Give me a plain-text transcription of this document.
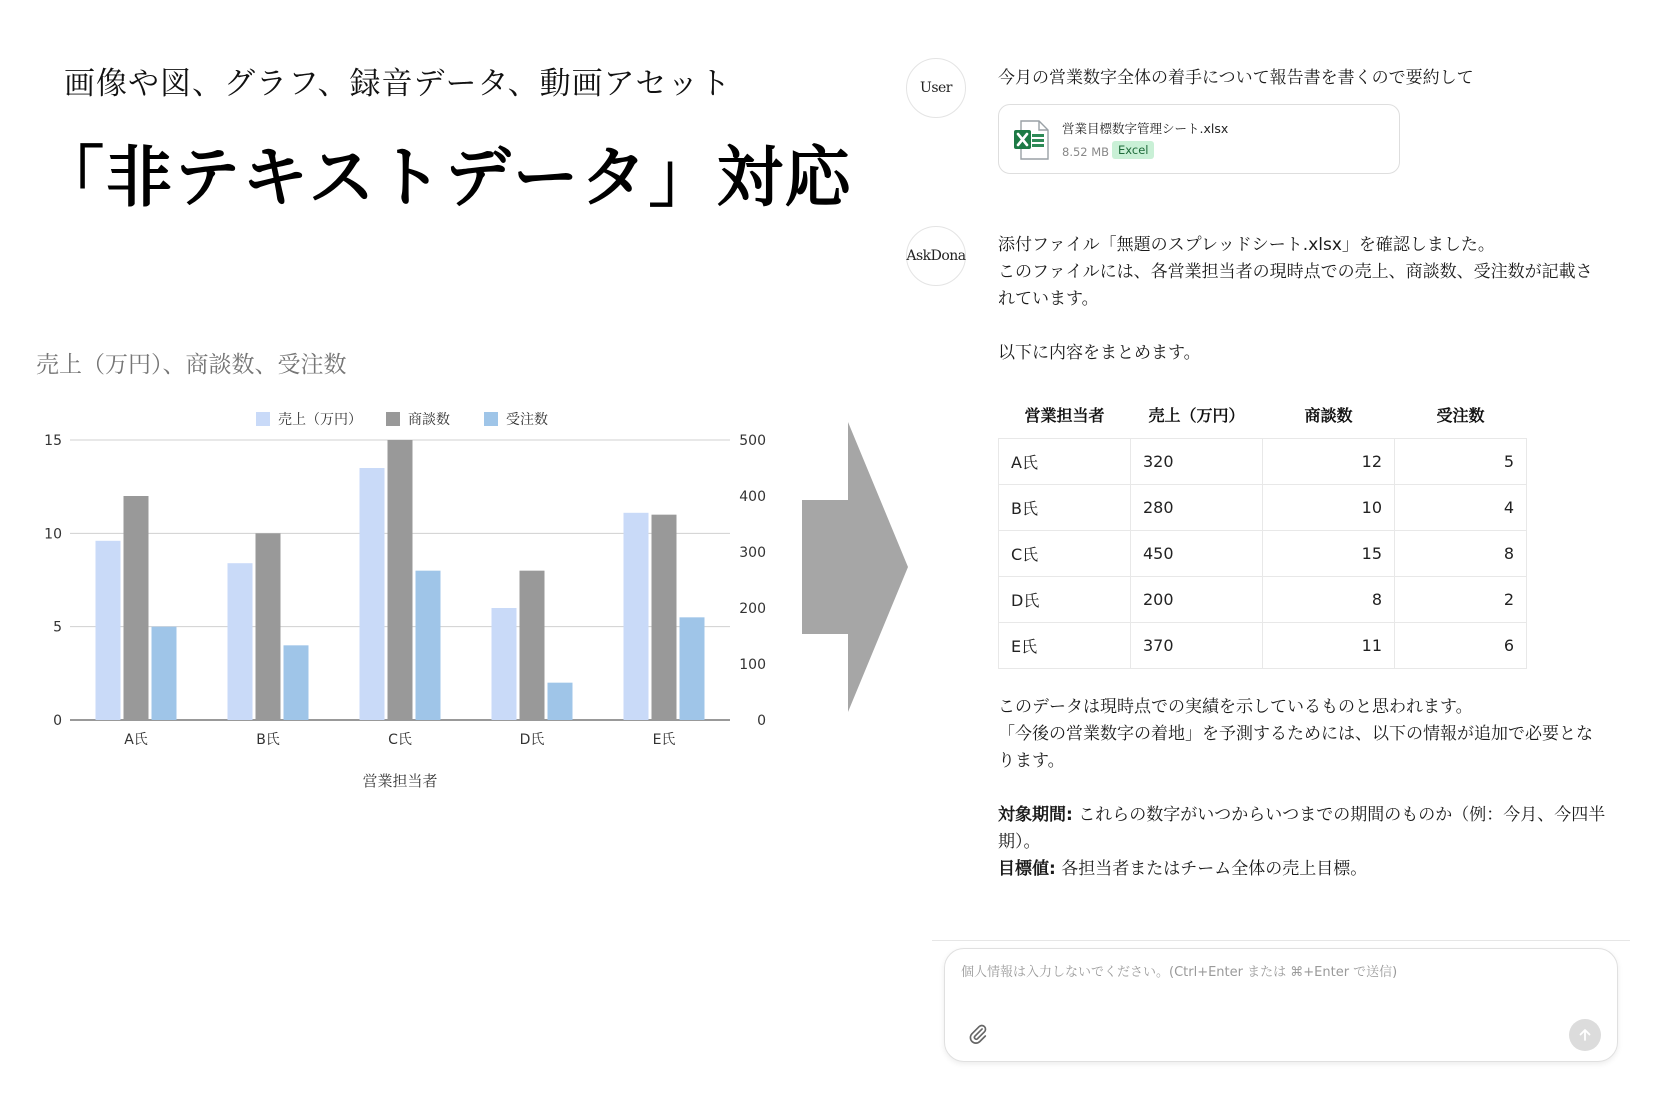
画像や図、グラフ、録音データ、動画アセット
「非テキストデータ」対応
売上（万円）、商談数、受注数
売上（万円）	商談数	受注数
0
5
10
15
0
100
200
300
400
500
A氏	B氏	C氏	D氏	E氏
営業担当者
User	今月の営業数字全体の着手について報告書を書くので要約して
営業目標数字管理シート.xlsx
8.52 MB Excel
AskDona
添付ファイル「無題のスプレッドシート.xlsx」を確認しました。
このファイルには、各営業担当者の現時点での売上、商談数、受注数が記載さ
れています。
以下に内容をまとめます。
営業担当者	売上（万円）	商談数	受注数
A氏	320	12	5
B氏	280	10	4
C氏	450	15	8
D氏	200	8	2
E氏	370	11	6
このデータは現時点での実績を示しているものと思われます。
「今後の営業数字の着地」を予測するためには、以下の情報が追加で必要とな
ります。
対象期間: これらの数字がいつからいつまでの期間のものか（例：今月、今四半
期）。
目標値: 各担当者またはチーム全体の売上目標。
個人情報は入力しないでください。(Ctrl+Enter または ⌘+Enter で送信)
